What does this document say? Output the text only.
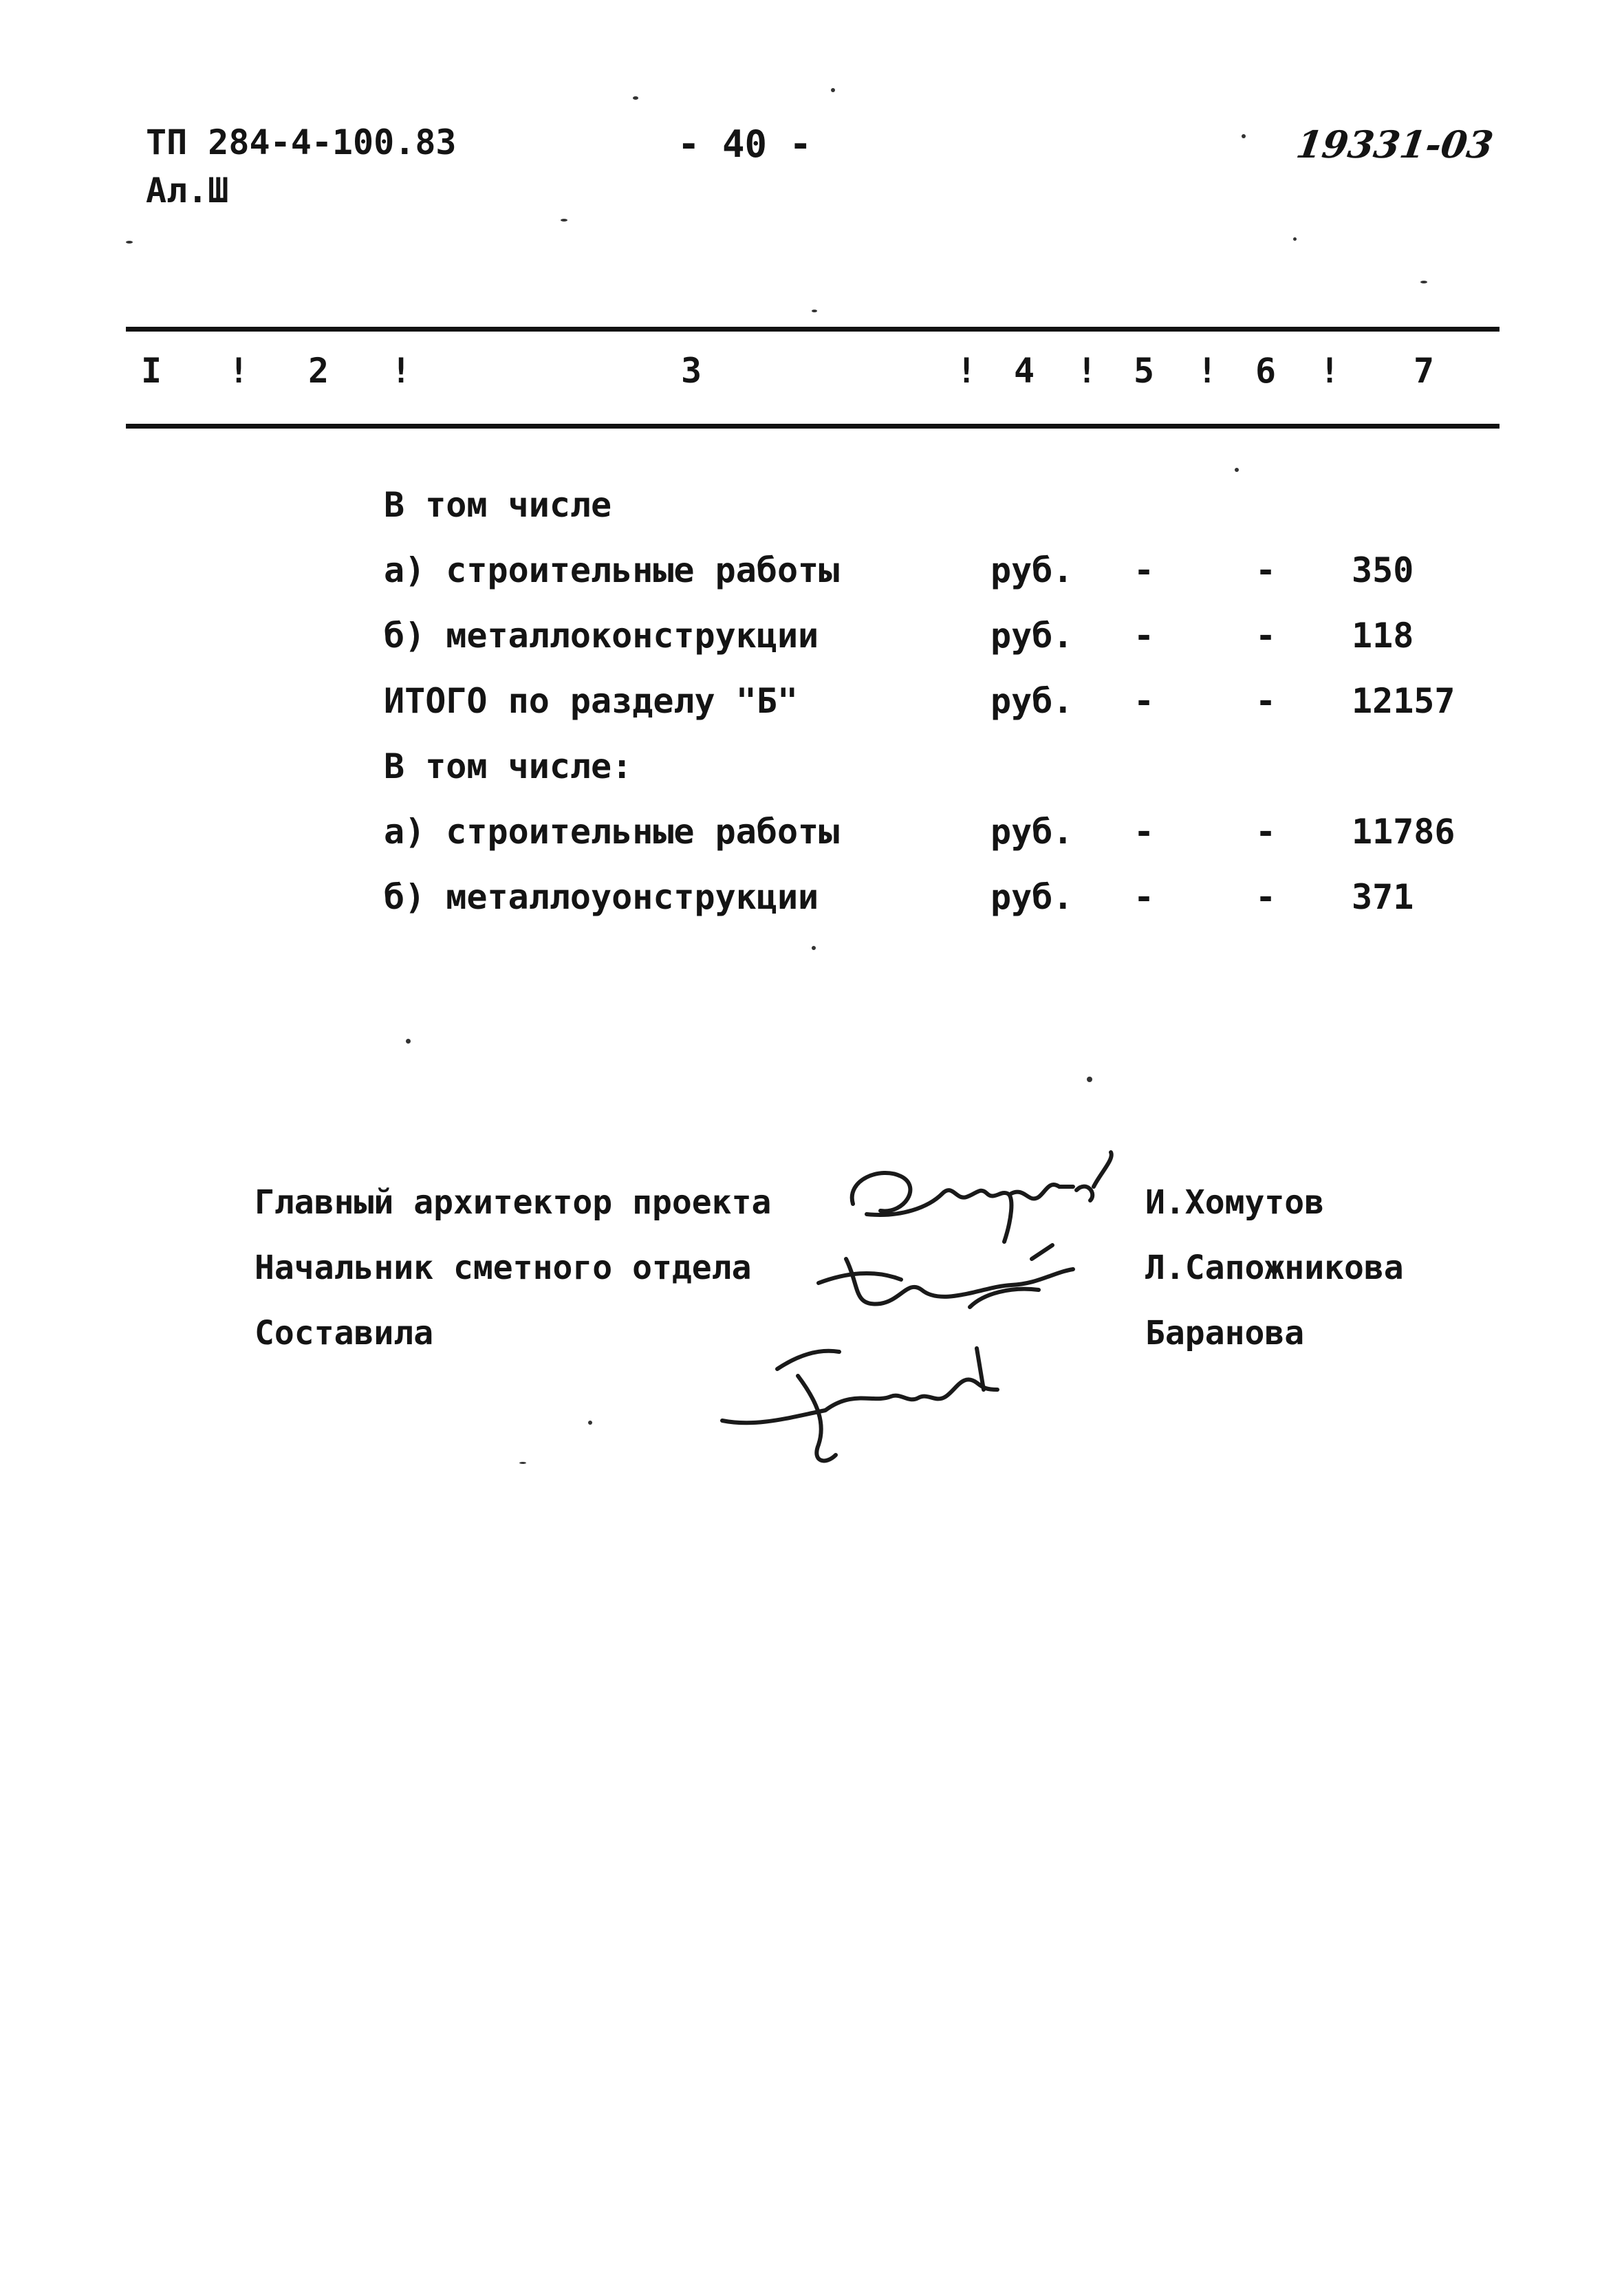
ТП 284-4-100.83
Ал.Ш
- 40 -	19331-03
I ! 2 !	3	! 4 ! 5 ! 6 ! 7
В том числе
а) строительные работы	руб. -	- 350
б) металлоконструкции	руб. -	- 118
ИТОГО по разделу "Б"	руб. -	- 12157
В том числе:
а) строительные работы	руб. -	- 11786
б) металлоуонструкции	руб. -	- 371
Главный архитектор проекта	И.Хомутов
Начальник сметного отдела	Л.Сапожникова
Составила	Баранова
